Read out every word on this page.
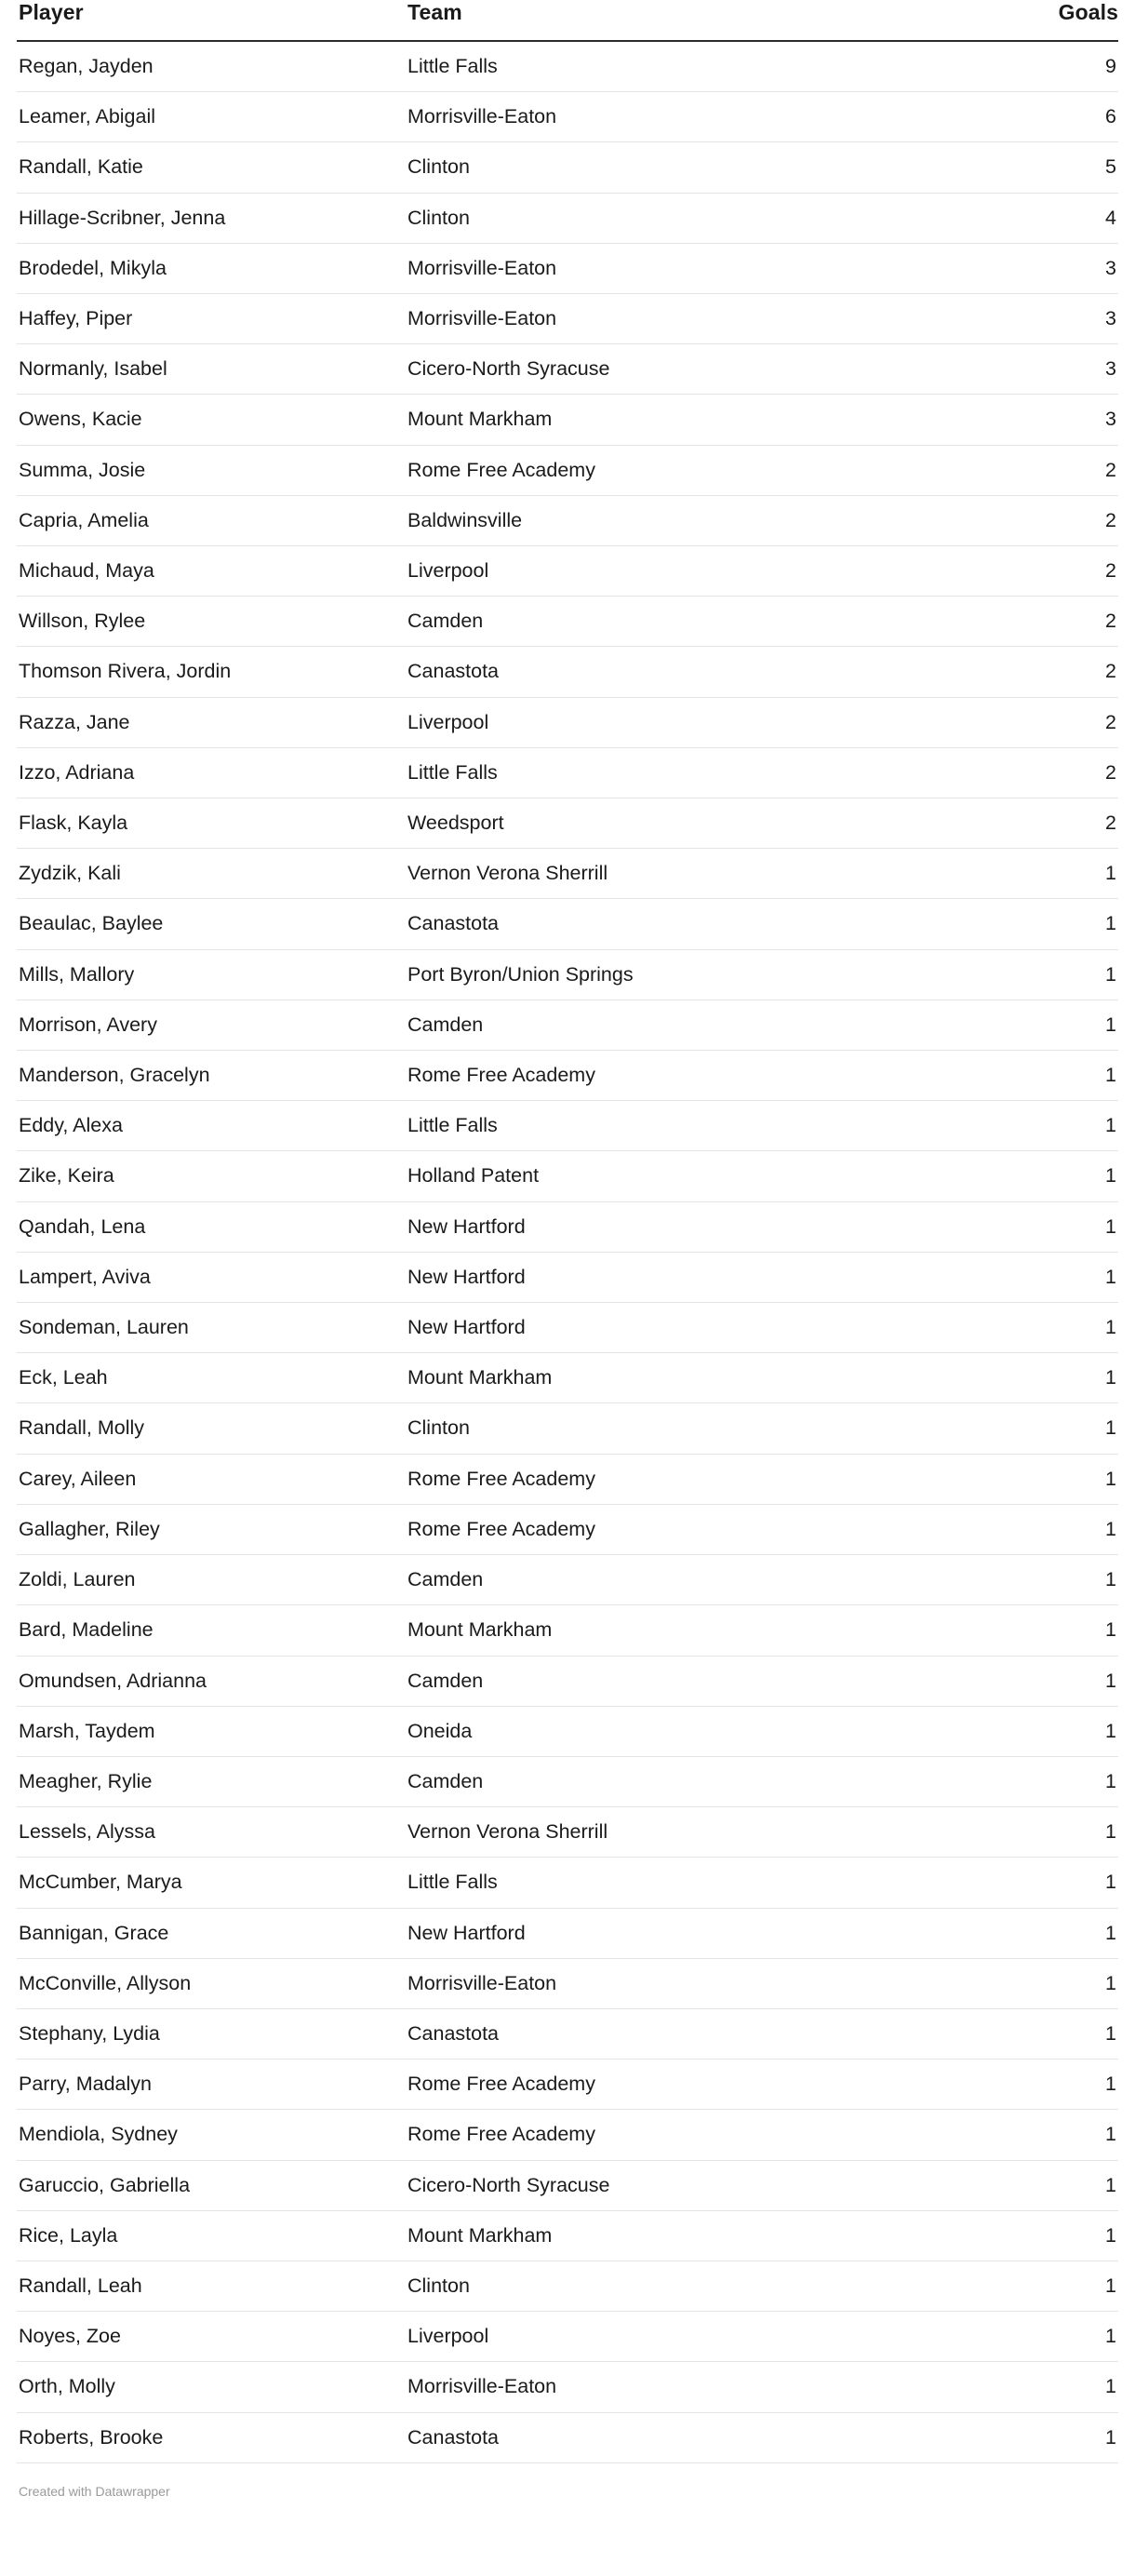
Player	Team	Goals
Regan, Jayden	Little Falls	9
Leamer, Abigail	Morrisville-Eaton	6
Randall, Katie	Clinton	5
Hillage-Scribner, Jenna	Clinton	4
Brodedel, Mikyla	Morrisville-Eaton	3
Haffey, Piper	Morrisville-Eaton	3
Normanly, Isabel	Cicero-North Syracuse	3
Owens, Kacie	Mount Markham	3
Summa, Josie	Rome Free Academy	2
Capria, Amelia	Baldwinsville	2
Michaud, Maya	Liverpool	2
Willson, Rylee	Camden	2
Thomson Rivera, Jordin	Canastota	2
Razza, Jane	Liverpool	2
Izzo, Adriana	Little Falls	2
Flask, Kayla	Weedsport	2
Zydzik, Kali	Vernon Verona Sherrill	1
Beaulac, Baylee	Canastota	1
Mills, Mallory	Port Byron/Union Springs	1
Morrison, Avery	Camden	1
Manderson, Gracelyn	Rome Free Academy	1
Eddy, Alexa	Little Falls	1
Zike, Keira	Holland Patent	1
Qandah, Lena	New Hartford	1
Lampert, Aviva	New Hartford	1
Sondeman, Lauren	New Hartford	1
Eck, Leah	Mount Markham	1
Randall, Molly	Clinton	1
Carey, Aileen	Rome Free Academy	1
Gallagher, Riley	Rome Free Academy	1
Zoldi, Lauren	Camden	1
Bard, Madeline	Mount Markham	1
Omundsen, Adrianna	Camden	1
Marsh, Taydem	Oneida	1
Meagher, Rylie	Camden	1
Lessels, Alyssa	Vernon Verona Sherrill	1
McCumber, Marya	Little Falls	1
Bannigan, Grace	New Hartford	1
McConville, Allyson	Morrisville-Eaton	1
Stephany, Lydia	Canastota	1
Parry, Madalyn	Rome Free Academy	1
Mendiola, Sydney	Rome Free Academy	1
Garuccio, Gabriella	Cicero-North Syracuse	1
Rice, Layla	Mount Markham	1
Randall, Leah	Clinton	1
Noyes, Zoe	Liverpool	1
Orth, Molly	Morrisville-Eaton	1
Roberts, Brooke	Canastota	1
Created with Datawrapper
